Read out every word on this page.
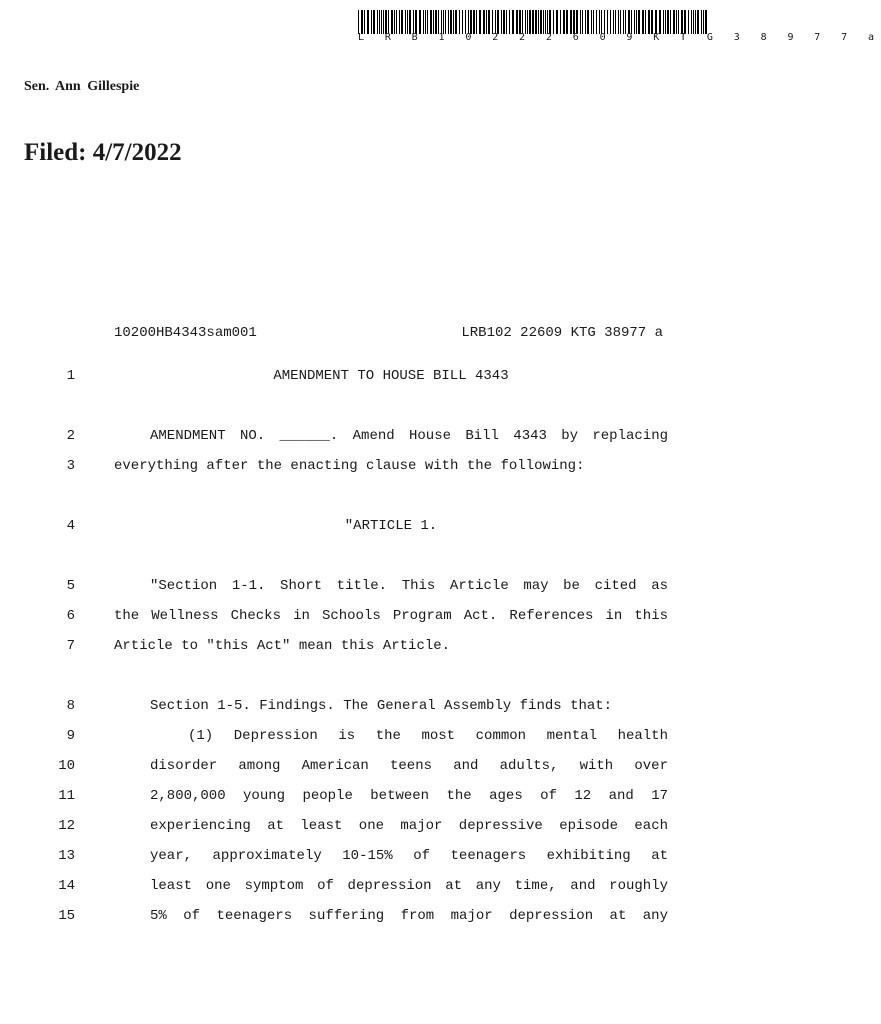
L R B 1 0 2 2 2 6 0 9 K T G 3 8 9 7 7 a
Sen. Ann Gillespie
Filed: 4/7/2022
10200HB4343sam001	LRB102 22609 KTG 38977 a
1	AMENDMENT TO HOUSE BILL 4343
2	AMENDMENT NO. ______. Amend House Bill 4343 by replacing
3	everything after the enacting clause with the following:
4	"ARTICLE 1.
5	"Section 1-1. Short title. This Article may be cited as
6	the Wellness Checks in Schools Program Act. References in this
7	Article to "this Act" mean this Article.
8	Section 1-5. Findings. The General Assembly finds that:
9	(1) Depression is the most common mental health
10	disorder among American teens and adults, with over
11	2,800,000 young people between the ages of 12 and 17
12	experiencing at least one major depressive episode each
13	year, approximately 10-15% of teenagers exhibiting at
14	least one symptom of depression at any time, and roughly
15	5% of teenagers suffering from major depression at any
